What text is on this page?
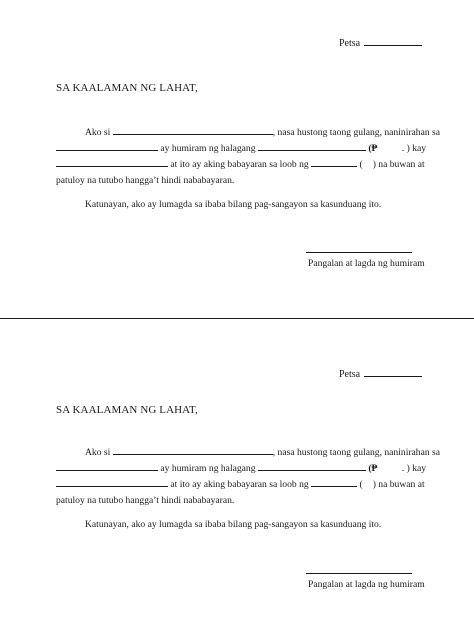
Petsa
SA KAALAMAN NG LAHAT,
Ako si	, nasa hustong taong gulang, naninirahan sa
ay humiram ng halagang	(₱	. ) kay
at ito ay aking babayaran sa loob ng	( ) na buwan at
patuloy na tutubo hangga’t hindi nababayaran.
Katunayan, ako ay lumagda sa ibaba bilang pag-sangayon sa kasunduang ito.
Pangalan at lagda ng humiram
Petsa
SA KAALAMAN NG LAHAT,
Ako si	, nasa hustong taong gulang, naninirahan sa
ay humiram ng halagang	(₱	. ) kay
at ito ay aking babayaran sa loob ng	( ) na buwan at
patuloy na tutubo hangga’t hindi nababayaran.
Katunayan, ako ay lumagda sa ibaba bilang pag-sangayon sa kasunduang ito.
Pangalan at lagda ng humiram
